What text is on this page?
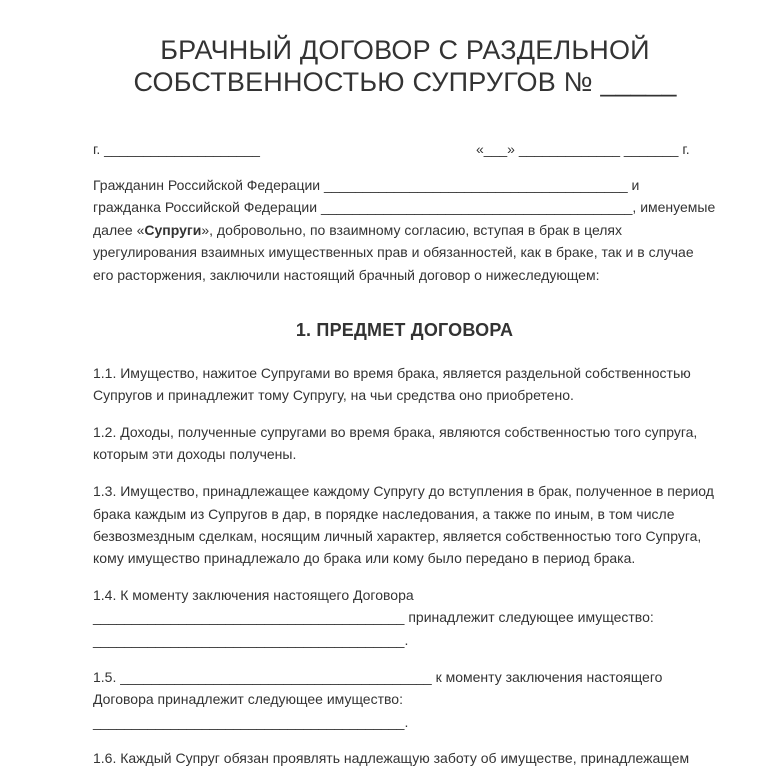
БРАЧНЫЙ ДОГОВОР С РАЗДЕЛЬНОЙ
СОБСТВЕННОСТЬЮ СУПРУГОВ № _____
г. ____________________	«___» _____________ _______ г.
Гражданин Российской Федерации _______________________________________ и
гражданка Российской Федерации ________________________________________, именуемые
далее «Супруги», добровольно, по взаимному согласию, вступая в брак в целях
урегулирования взаимных имущественных прав и обязанностей, как в браке, так и в случае
его расторжения, заключили настоящий брачный договор о нижеследующем:
1. ПРЕДМЕТ ДОГОВОРА
1.1. Имущество, нажитое Супругами во время брака, является раздельной собственностью
Супругов и принадлежит тому Супругу, на чьи средства оно приобретено.
1.2. Доходы, полученные супругами во время брака, являются собственностью того супруга,
которым эти доходы получены.
1.3. Имущество, принадлежащее каждому Супругу до вступления в брак, полученное в период
брака каждым из Супругов в дар, в порядке наследования, а также по иным, в том числе
безвозмездным сделкам, носящим личный характер, является собственностью того Супруга,
кому имущество принадлежало до брака или кому было передано в период брака.
1.4. К моменту заключения настоящего Договора
________________________________________ принадлежит следующее имущество:
________________________________________.
1.5. ________________________________________ к моменту заключения настоящего
Договора принадлежит следующее имущество:
________________________________________.
1.6. Каждый Супруг обязан проявлять надлежащую заботу об имуществе, принадлежащем
